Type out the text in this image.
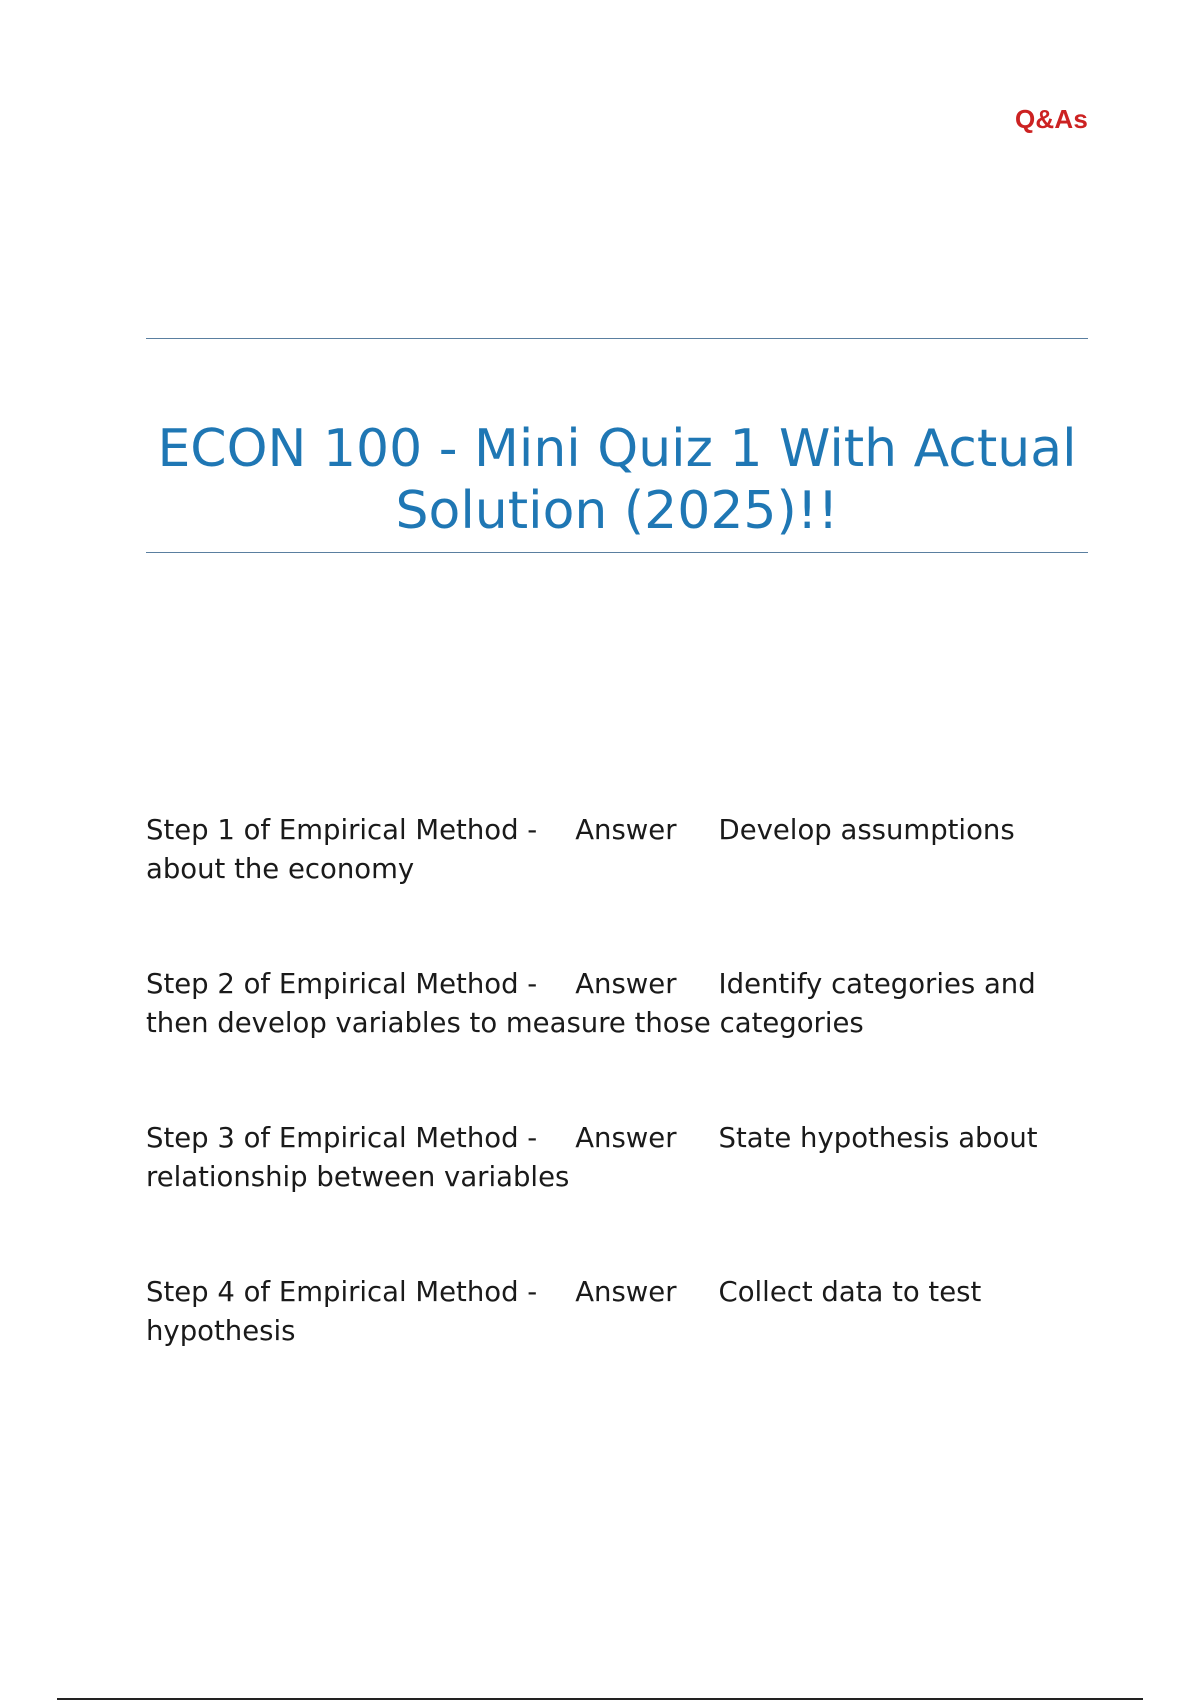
Q&As
ECON 100 - Mini Quiz 1 With Actual Solution (2025)!!

Step 1 of Empirical Method - Answer Develop assumptions about the economy

Step 2 of Empirical Method - Answer Identify categories and then develop variables to measure those categories

Step 3 of Empirical Method - Answer State hypothesis about relationship between variables

Step 4 of Empirical Method - Answer Collect data to test hypothesis
